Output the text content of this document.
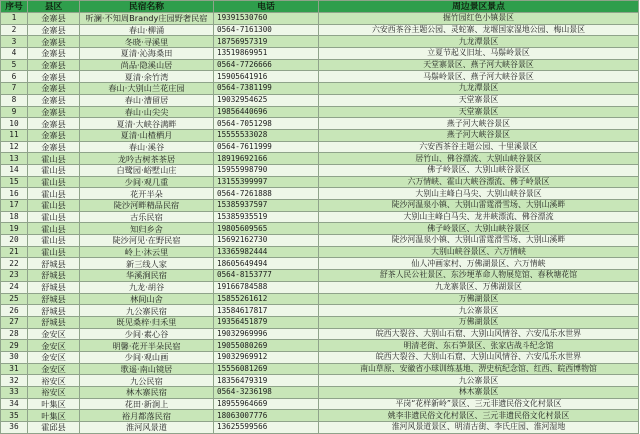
序号	县区	民宿名称	电话	周边景区景点
1	金寨县	听澜·不知周Brandy庄园野奢民宿	19391530760	掘竹园红色小镇景区
2	金寨县	春山·柳涌	0564-7161300	六安西茶谷主题公园、灵蛇寨、龙堰国家湿地公园、梅山景区
3	金寨县	冬晓·寻溪里	18756957319	九龙潭景区
4	金寨县	夏清·沁海桑田	13519869951	立夏节起义旧址、马鬃岭景区
5	金寨县	尚品·隐溪山居	0564-7726666	天堂寨景区、燕子河大峡谷景区
6	金寨县	夏清·余竹湾	15905641916	马鬃岭景区、燕子河大峡谷景区
7	金寨县	春山·大别山兰花庄园	0564-7381199	九龙潭景区
8	金寨县	春山·漕留居	19032954625	天堂寨景区
9	金寨县	春山·山尖尖	19856440696	天堂寨景区
10	金寨县	夏清·大峡谷满畔	0564-7051298	燕子河大峡谷景区
11	金寨县	夏清·山楂栖月	15555533028	燕子河大峡谷景区
12	金寨县	春山·溪谷	0564-7611999	六安西茶谷主题公园、十里溪景区
13	霍山县	龙吟古树茶茶居	18919692166	居竹山、佛谷漂流、大别山峡谷景区
14	霍山县	白鹭园·峪墅山庄	15955998790	佛子岭景区、大别山峡谷景区
15	霍山县	少间·观几重	13155399997	六万情峡、霍山大峡谷漂流、佛子岭景区
16	霍山县	花开半朵	0564-7261888	大别山主峰白马尖、大别山峡谷景区
17	霍山县	陡沙河畔精品民宿	15385937597	陡沙河温泉小镇、大别山雷霆滑雪场、大别山溪畔
18	霍山县	古乐民宿	15385935519	大别山主峰白马尖、龙井峡漂流、佛谷漂流
19	霍山县	知归乡舍	19805609565	佛子岭景区、大别山峡谷景区
20	霍山县	陡沙河见·在野民宿	15692162730	陡沙河温泉小镇、大别山雷霆滑雪场、大别山溪畔
21	霍山县	岭上·沐云里	13365982444	大别山峡谷景区、六万情峡
22	舒城县	新三线人家	18605649494	仙人冲画家村、万佛湖景区、六万情峡
23	舒城县	华溪涧民宿	0564-8153777	舒茶人民公社景区、东沙埂革命人物展览馆、春秋塘花馆
24	舒城县	九龙·胡谷	19166784588	九龙寨景区、万佛湖景区
25	舒城县	林间山舍	15855261612	万佛湖景区
26	舒城县	九公寨民宿	13584617817	九公寨景区
27	舒城县	既见桑梓·归禾里	19356451879	万佛湖景区
28	金安区	少间·素心谷	19032969996	皖西大裂谷、大别山石窟、大别山风情谷、六安瓜乐水世界
29	金安区	明馨·花开半朵民宿	19055080269	明清老街、东石笋景区、张家店战斗纪念馆
30	金安区	少间·观山画	19032969912	皖西大裂谷、大别山石窟、大别山风情谷、六安瓜乐水世界
31	金安区	歌遥·南山镜居	15556081269	南山草原、安徽省小球训练基地、淠史杭纪念馆、红西、皖西博物馆
32	裕安区	九公民宿	18356479319	九公寨景区
33	裕安区	林木寨民宿	0564-3236198	林木寨景区
34	叶集区	花田·新涧上	18955964669	平岗“花样新岭”景区、三元非遗民俗文化村景区
35	叶集区	裕月都落民宿	18063007776	姚李非遗民俗文化村景区、三元非遗民俗文化村景区
36	霍邱县	淮河风景道	13625599566	淮河风景道景区、明清古街、李氏庄园、淮河湿地
